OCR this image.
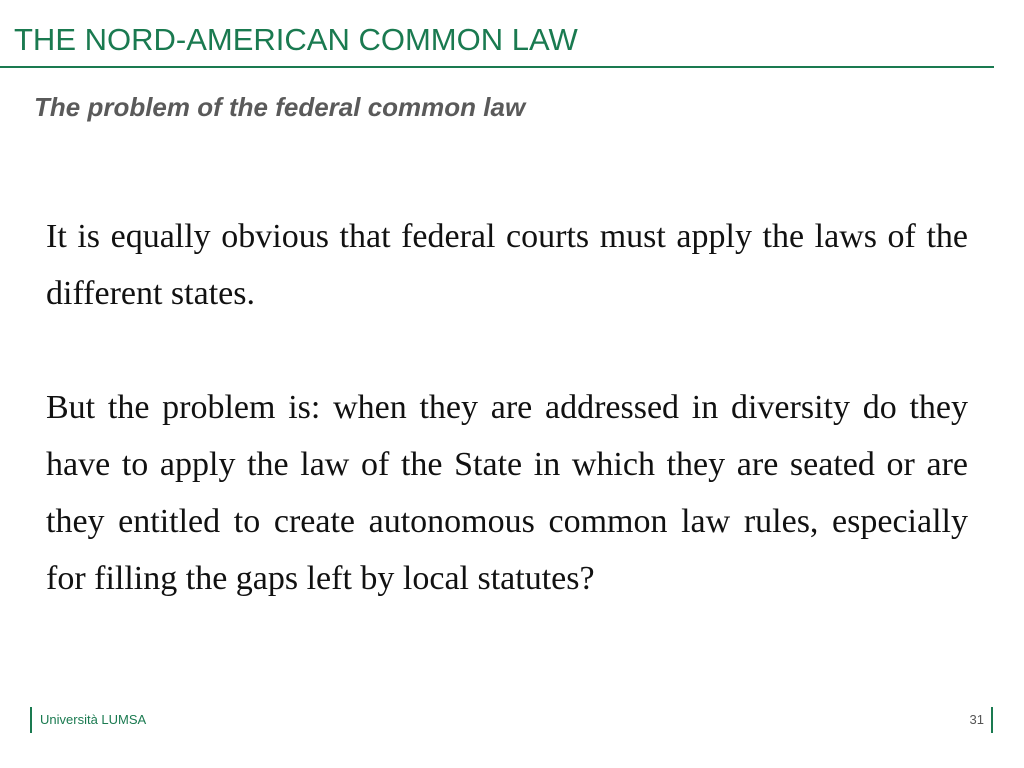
THE NORD-AMERICAN COMMON LAW
The problem of the federal common law

It is equally obvious that federal courts must apply the laws of the different states.

But the problem is: when they are addressed in diversity do they have to apply the law of the State in which they are seated or are they entitled to create autonomous common law rules, especially for filling the gaps left by local statutes?

Università LUMSA	31
